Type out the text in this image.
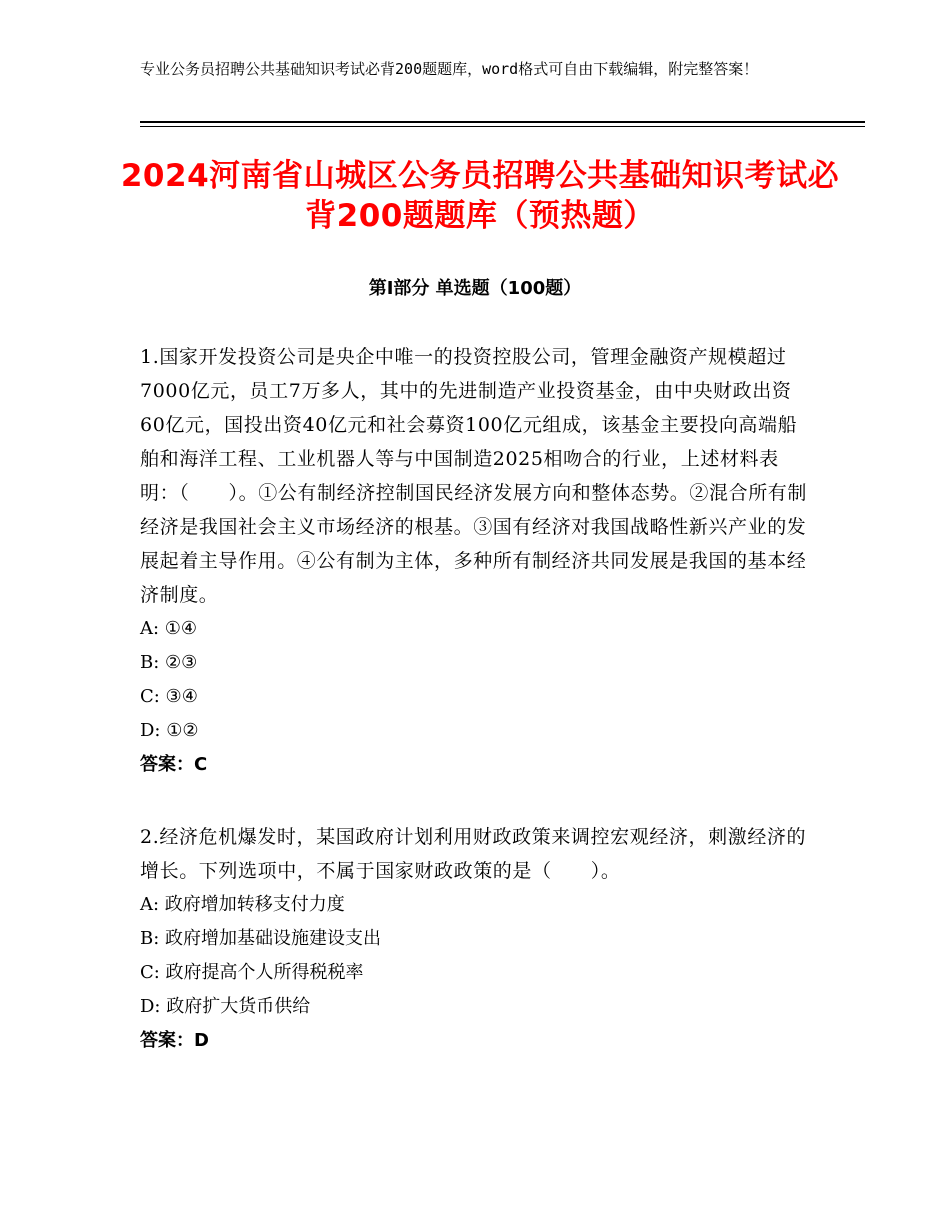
专业公务员招聘公共基础知识考试必背200题题库，word格式可自由下载编辑，附完整答案！
2024河南省山城区公务员招聘公共基础知识考试必背200题题库（预热题）
第Ⅰ部分 单选题（100题）

1.国家开发投资公司是央企中唯一的投资控股公司，管理金融资产规模超过7000亿元，员工7万多人，其中的先进制造产业投资基金，由中央财政出资60亿元，国投出资40亿元和社会募资100亿元组成，该基金主要投向高端船舶和海洋工程、工业机器人等与中国制造2025相吻合的行业，上述材料表明：（　　）。①公有制经济控制国民经济发展方向和整体态势。②混合所有制经济是我国社会主义市场经济的根基。③国有经济对我国战略性新兴产业的发展起着主导作用。④公有制为主体，多种所有制经济共同发展是我国的基本经济制度。

A: ①④

B: ②③

C: ③④

D: ①②

答案：C

2.经济危机爆发时，某国政府计划利用财政政策来调控宏观经济，刺激经济的增长。下列选项中，不属于国家财政政策的是（　　）。

A: 政府增加转移支付力度

B: 政府增加基础设施建设支出

C: 政府提高个人所得税税率

D: 政府扩大货币供给

答案：D
